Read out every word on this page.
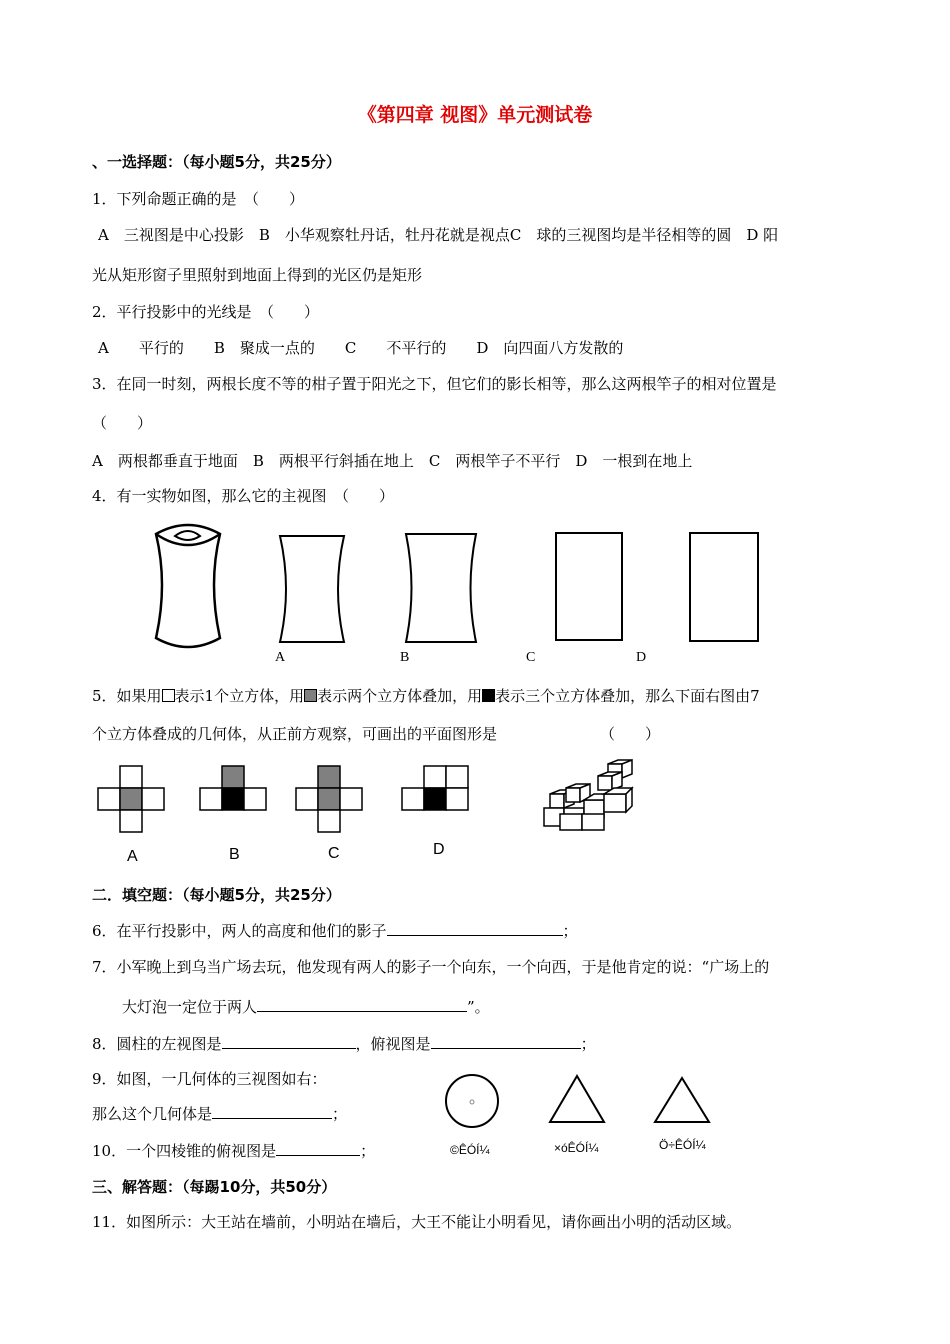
《第四章 视图》单元测试卷
、一选择题：（每小题5分，共25分）
1．下列命题正确的是　（　　）
A　三视图是中心投影　B　小华观察牡丹话，牡丹花就是视点C　球的三视图均是半径相等的圆　D 阳
光从矩形窗子里照射到地面上得到的光区仍是矩形
2．平行投影中的光线是　（　　）
A　　平行的　　B　聚成一点的　　C　　不平行的　　D　向四面八方发散的
3．在同一时刻，两根长度不等的柑子置于阳光之下，但它们的影长相等，那么这两根竿子的相对位置是
（　　）
A　两根都垂直于地面　B　两根平行斜插在地上　C　两根竿子不平行　D　一根到在地上
4．有一实物如图，那么它的主视图　（　　）
A	B	C	D
5．如果用 表示1个立方体，用 表示两个立方体叠加，用 表示三个立方体叠加，那么下面右图由7
个立方体叠成的几何体，从正前方观察，可画出的平面图形是	（　　）
A	B	C	D
二．填空题：（每小题5分，共25分）
6．在平行投影中，两人的高度和他们的影子	；
7．小军晚上到乌当广场去玩，他发现有两人的影子一个向东，一个向西，于是他肯定的说：“广场上的
大灯泡一定位于两人	”。
8．圆柱的左视图是	，俯视图是	；
9．如图，一几何体的三视图如右：
那么这个几何体是	；
©ÊÓÍ¼	×óÊÓÍ¼	Ö÷ÊÓÍ¼
10．一个四棱锥的俯视图是	；
三、解答题：（每踢10分，共50分）
11．如图所示：大王站在墙前，小明站在墙后，大王不能让小明看见，请你画出小明的活动区域。
